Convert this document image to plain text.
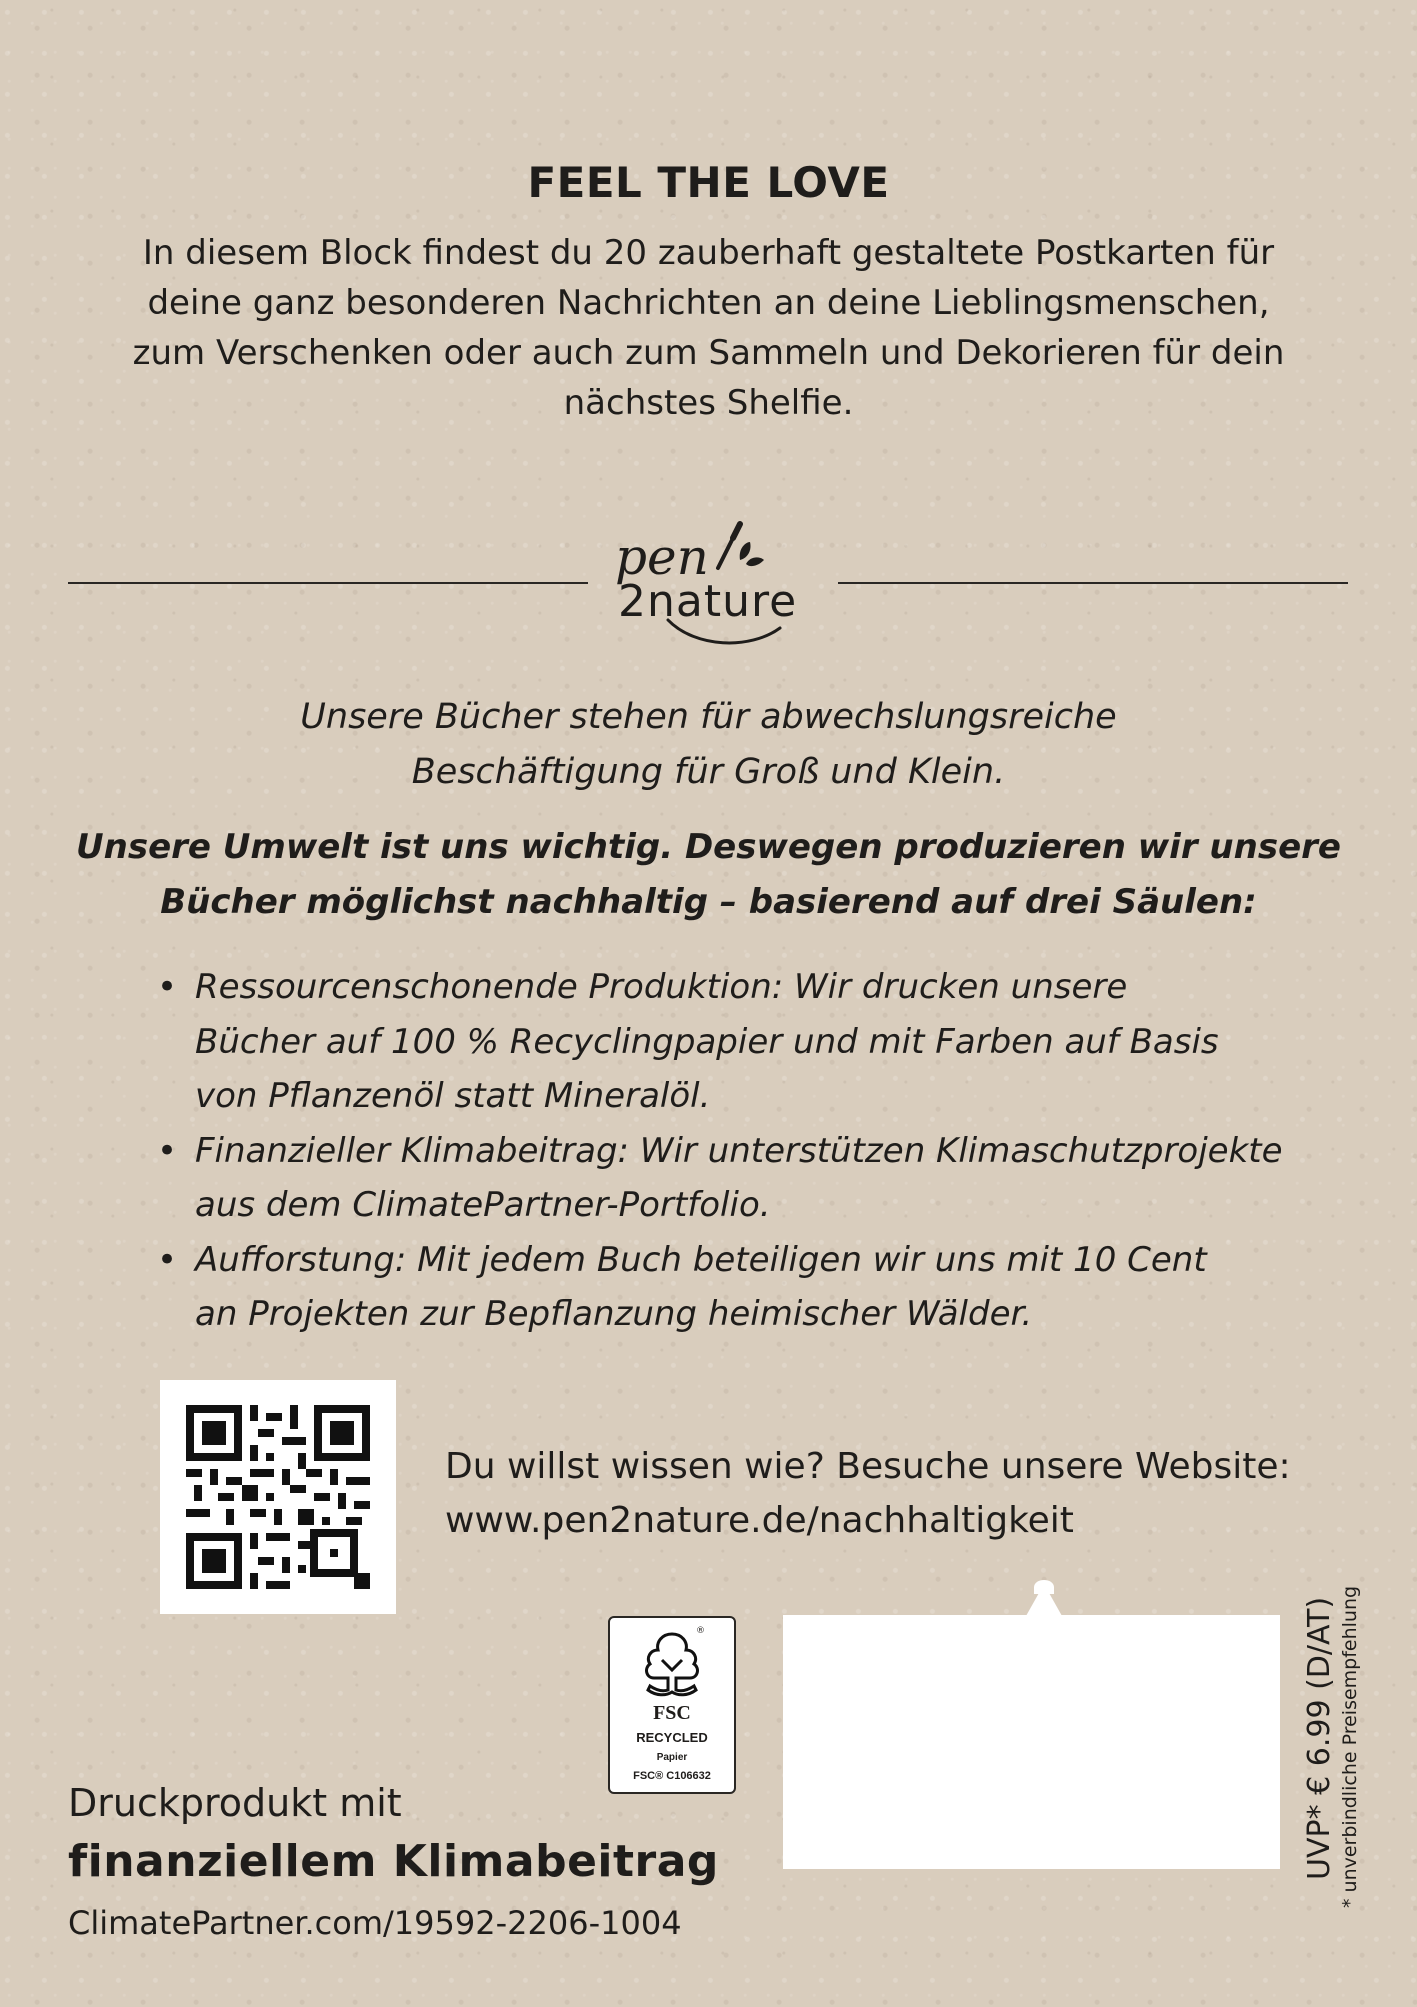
FEEL THE LOVE
In diesem Block findest du 20 zauberhaft gestaltete Postkarten für
deine ganz besonderen Nachrichten an deine Lieblingsmenschen,
zum Verschenken oder auch zum Sammeln und Dekorieren für dein
nächstes Shelfie.
pen
2nature
Unsere Bücher stehen für abwechslungsreiche
Beschäftigung für Groß und Klein.
Unsere Umwelt ist uns wichtig. Deswegen produzieren wir unsere
Bücher möglichst nachhaltig – basierend auf drei Säulen:
• Ressourcenschonende Produktion: Wir drucken unsere
Bücher auf 100 % Recyclingpapier und mit Farben auf Basis
von Pflanzenöl statt Mineralöl.
• Finanzieller Klimabeitrag: Wir unterstützen Klimaschutzprojekte
aus dem ClimatePartner-Portfolio.
• Aufforstung: Mit jedem Buch beteiligen wir uns mit 10 Cent
an Projekten zur Bepflanzung heimischer Wälder.
Du willst wissen wie? Besuche unsere Website:
www.pen2nature.de/nachhaltigkeit
®
FSC
RECYCLED
Papier
FSC® C106632	UVP* € 6.99 (D/AT) * unverbindliche Preisempfehlung
Druckprodukt mit
finanziellem Klimabeitrag
ClimatePartner.com/19592-2206-1004
